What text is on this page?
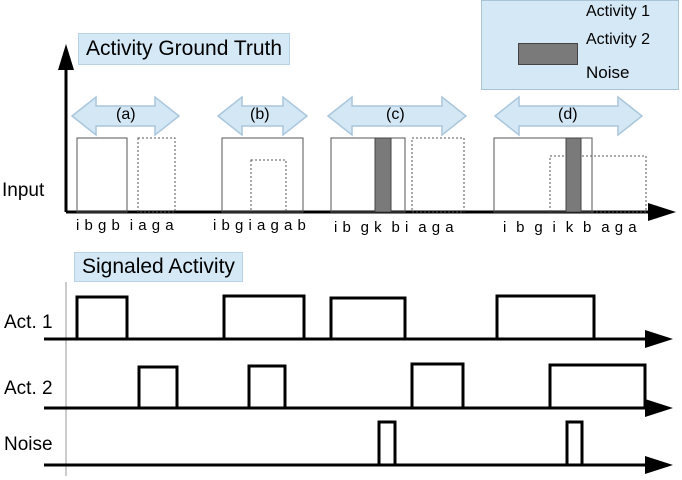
Activity Ground Truth
Signaled Activity
Activity 1
Activity 2
Noise
(a)	(b)	(c)	(d)
Input
i b g b  i a g a	i b g i a g a b i b  g k  b i  a g a	i  b  g  i  k  b  a g a
Act. 1
Act. 2
Noise
